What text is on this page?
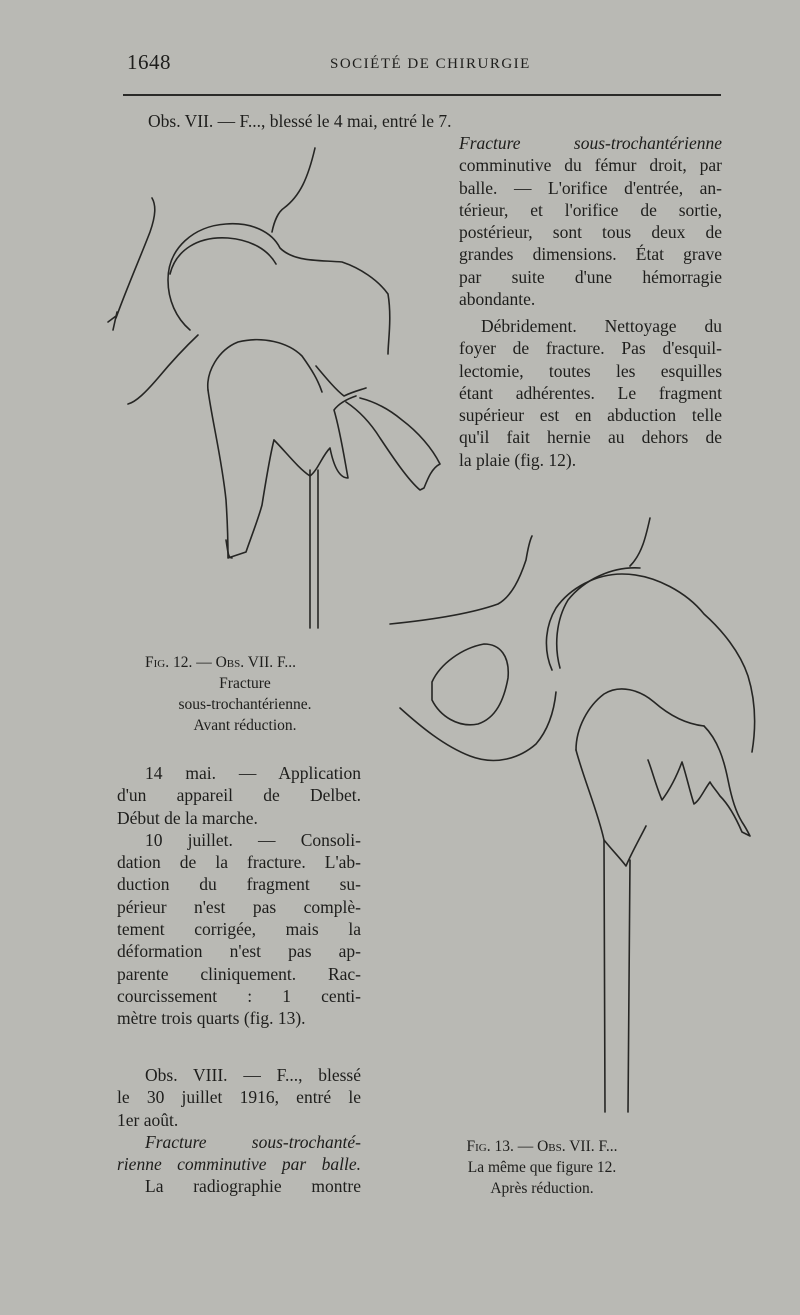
1648	SOCIÉTÉ DE CHIRURGIE
Obs. VII. — F..., blessé le 4 mai, entré le 7.
Fracture sous-trochantérienne
comminutive du fémur droit, par
balle. — L'orifice d'entrée, an-
térieur, et l'orifice de sortie,
postérieur, sont tous deux de
grandes dimensions. État grave
par suite d'une hémorragie
abondante.
Débridement. Nettoyage du
foyer de fracture. Pas d'esquil-
lectomie, toutes les esquilles
étant adhérentes. Le fragment
supérieur est en abduction telle
qu'il fait hernie au dehors de
la plaie (fig. 12).
Fig. 12. — Obs. VII. F...
Fracture
sous-trochantérienne.
Avant réduction.
14 mai. — Application
d'un appareil de Delbet.
Début de la marche.
10 juillet. — Consoli-
dation de la fracture. L'ab-
duction du fragment su-
périeur n'est pas complè-
tement corrigée, mais la
déformation n'est pas ap-
parente cliniquement. Rac-
courcissement : 1 centi-
mètre trois quarts (fig. 13).
Obs. VIII. — F..., blessé
le 30 juillet 1916, entré le
1er août.
Fracture sous-trochanté-
rienne comminutive par balle.
La radiographie montre
Fig. 13. — Obs. VII. F...
La même que figure 12.
Après réduction.
